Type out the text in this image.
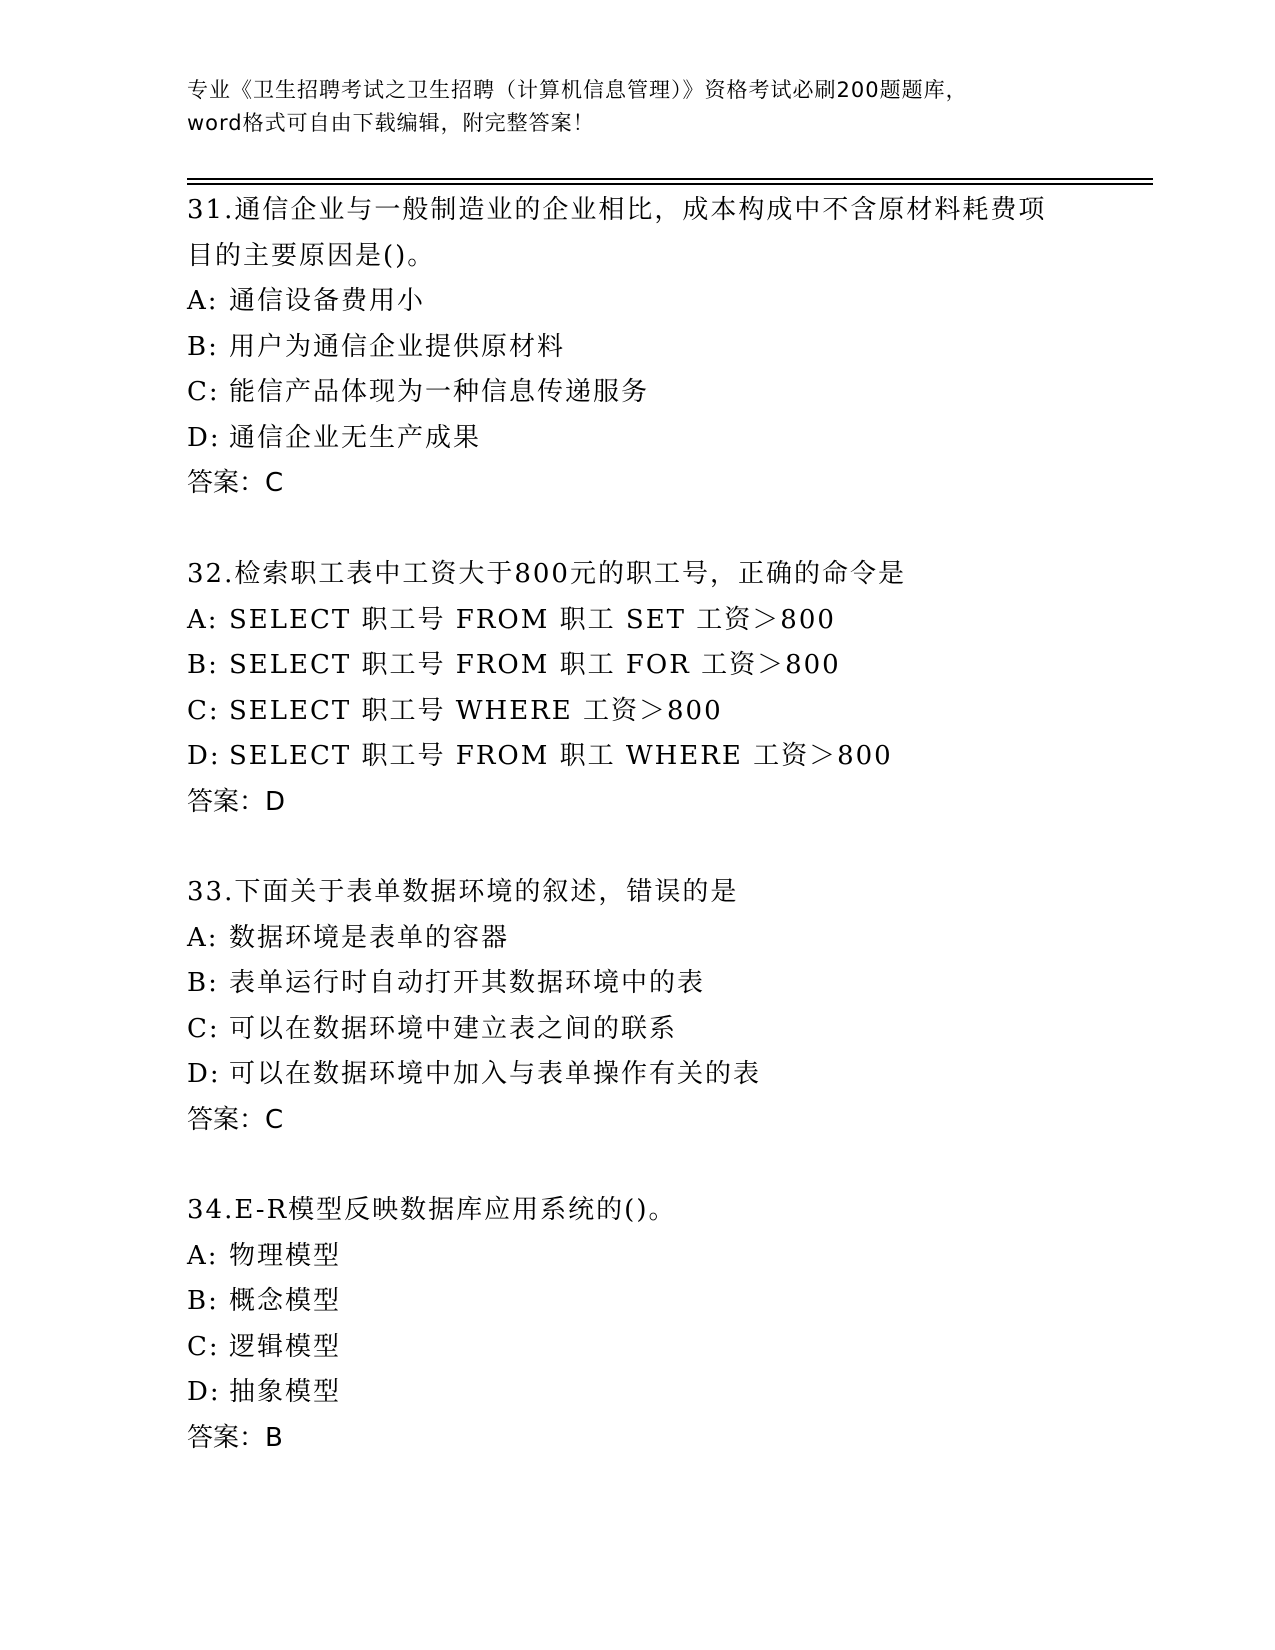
专业《卫生招聘考试之卫生招聘（计算机信息管理）》资格考试必刷200题题库，
word格式可自由下载编辑，附完整答案！
31.通信企业与一般制造业的企业相比，成本构成中不含原材料耗费项
目的主要原因是()。
A: 通信设备费用小
B: 用户为通信企业提供原材料
C: 能信产品体现为一种信息传递服务
D: 通信企业无生产成果
答案：C
32.检索职工表中工资大于800元的职工号，正确的命令是
A: SELECT 职工号 FROM 职工 SET 工资＞800
B: SELECT 职工号 FROM 职工 FOR 工资＞800
C: SELECT 职工号 WHERE 工资＞800
D: SELECT 职工号 FROM 职工 WHERE 工资＞800
答案：D
33.下面关于表单数据环境的叙述，错误的是
A: 数据环境是表单的容器
B: 表单运行时自动打开其数据环境中的表
C: 可以在数据环境中建立表之间的联系
D: 可以在数据环境中加入与表单操作有关的表
答案：C
34.E-R模型反映数据库应用系统的()。
A: 物理模型
B: 概念模型
C: 逻辑模型
D: 抽象模型
答案：B
